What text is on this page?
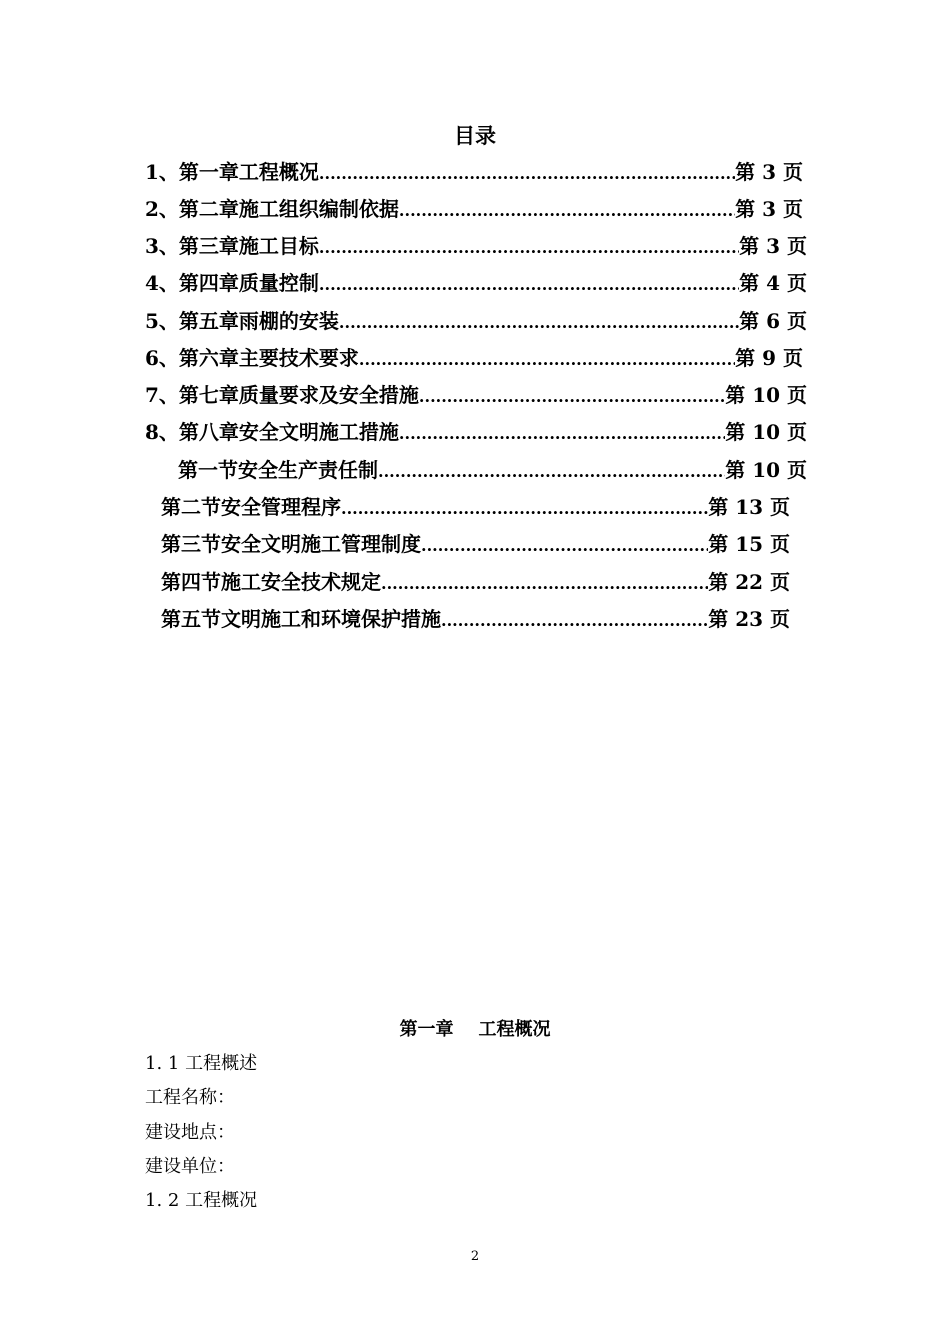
目录
1、第一章工程概况 .....	第 3 页
2、第二章施工组织编制依据 .....	第 3 页
3、第三章施工目标 .....	第 3 页
4、第四章质量控制 .....	第 4 页
5、第五章雨棚的安装 .....	第 6 页
6、第六章主要技术要求 .....	第 9 页
7、第七章质量要求及安全措施 .....	第 10 页
8、第八章安全文明施工措施 .....	第 10 页
第一节安全生产责任制 .....	第 10 页
第二节安全管理程序 .....	第 13 页
第三节安全文明施工管理制度 .....	第 15 页
第四节施工安全技术规定 .....	第 22 页
第五节文明施工和环境保护措施 .....	第 23 页
第一章    工程概况

1. 1 工程概述

工程名称：

建设地点：

建设单位：

1. 2 工程概况

2
